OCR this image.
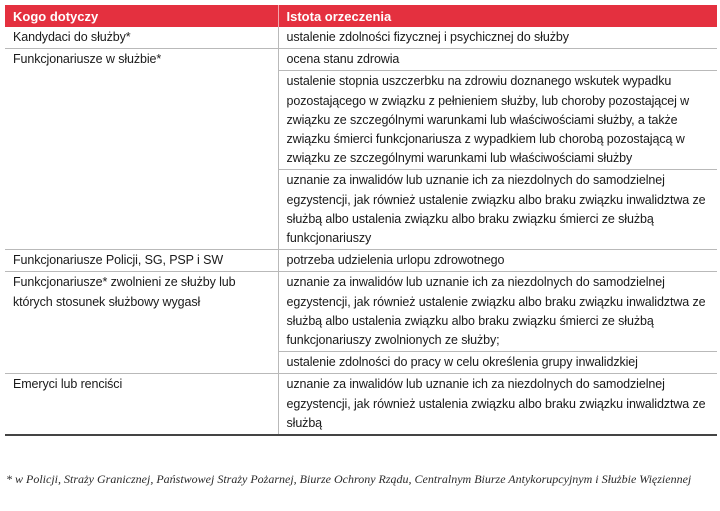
Kogo dotyczy	Istota orzeczenia
Kandydaci do służby*	ustalenie zdolności fizycznej i psychicznej do służby
Funkcjonariusze w służbie*	ocena stanu zdrowia
	ustalenie stopnia uszczerbku na zdrowiu doznanego wskutek wypadku pozostającego w związku z pełnieniem służby, lub choroby pozostającej w związku ze szczególnymi warunkami lub właściwościami służby, a także związku śmierci funkcjonariusza z wypadkiem lub chorobą pozostającą w związku ze szczególnymi warunkami lub właściwościami służby
	uznanie za inwalidów lub uznanie ich za niezdolnych do samodzielnej egzystencji, jak również ustalenie związku albo braku związku inwalidztwa ze służbą albo ustalenia związku albo braku związku śmierci ze służbą funkcjonariuszy
Funkcjonariusze Policji, SG, PSP i SW	potrzeba udzielenia urlopu zdrowotnego
Funkcjonariusze* zwolnieni ze służby lub których stosunek służbowy wygasł	uznanie za inwalidów lub uznanie ich za niezdolnych do samodzielnej egzystencji, jak również ustalenie związku albo braku związku inwalidztwa ze służbą albo ustalenia związku albo braku związku śmierci ze służbą funkcjonariuszy zwolnionych ze służby;
	ustalenie zdolności do pracy w celu określenia grupy inwalidzkiej
Emeryci lub renciści	uznanie za inwalidów lub uznanie ich za niezdolnych do samodzielnej egzystencji, jak również ustalenia związku albo braku związku inwalidztwa ze służbą
* w Policji, Straży Granicznej, Państwowej Straży Pożarnej, Biurze Ochrony Rządu, Centralnym Biurze Antykorupcyjnym i Służbie Więziennej
